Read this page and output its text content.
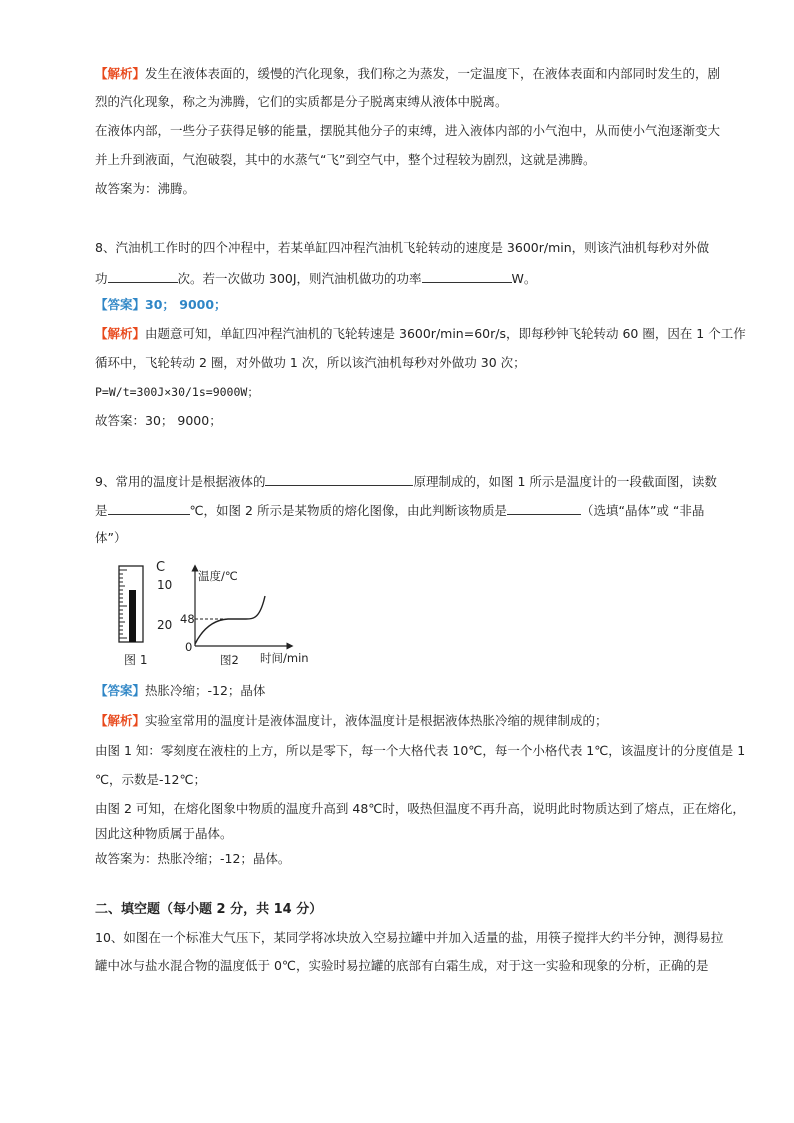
【解析】发生在液体表面的，缓慢的汽化现象，我们称之为蒸发，一定温度下，在液体表面和内部同时发生的，剧
烈的汽化现象，称之为沸腾，它们的实质都是分子脱离束缚从液体中脱离。
在液体内部，一些分子获得足够的能量，摆脱其他分子的束缚，进入液体内部的小气泡中，从而使小气泡逐渐变大
并上升到液面，气泡破裂，其中的水蒸气“飞”到空气中，整个过程较为剧烈，这就是沸腾。
故答案为：沸腾。
8、汽油机工作时的四个冲程中，若某单缸四冲程汽油机飞轮转动的速度是 3600r/min，则该汽油机每秒对外做
功	次。若一次做功 300J，则汽油机做功的功率	W。
【答案】30； 9000；
【解析】由题意可知，单缸四冲程汽油机的飞轮转速是 3600r/min=60r/s，即每秒钟飞轮转动 60 圈，因在 1 个工作
循环中，飞轮转动 2 圈，对外做功 1 次，所以该汽油机每秒对外做功 30 次；
P=W/t=300J×30/1s=9000W；
故答案：30； 9000；
9、常用的温度计是根据液体的	原理制成的，如图 1 所示是温度计的一段截面图，读数
是	℃，如图 2 所示是某物质的熔化图像，由此判断该物质是	（选填“晶体”或 “非晶
体”）
C
10
20
图 1
温度/℃
48
0
图2 时间/min
【答案】热胀冷缩；-12；晶体
【解析】实验室常用的温度计是液体温度计，液体温度计是根据液体热胀冷缩的规律制成的；
由图 1 知：零刻度在液柱的上方，所以是零下，每一个大格代表 10℃，每一个小格代表 1℃，该温度计的分度值是 1
℃，示数是-12℃；
由图 2 可知，在熔化图象中物质的温度升高到 48℃时，吸热但温度不再升高，说明此时物质达到了熔点，正在熔化，
因此这种物质属于晶体。
故答案为：热胀冷缩；-12；晶体。
二、填空题（每小题 2 分，共 14 分）
10、如图在一个标准大气压下，某同学将冰块放入空易拉罐中并加入适量的盐，用筷子搅拌大约半分钟，测得易拉
罐中冰与盐水混合物的温度低于 0℃，实验时易拉罐的底部有白霜生成，对于这一实验和现象的分析，正确的是
